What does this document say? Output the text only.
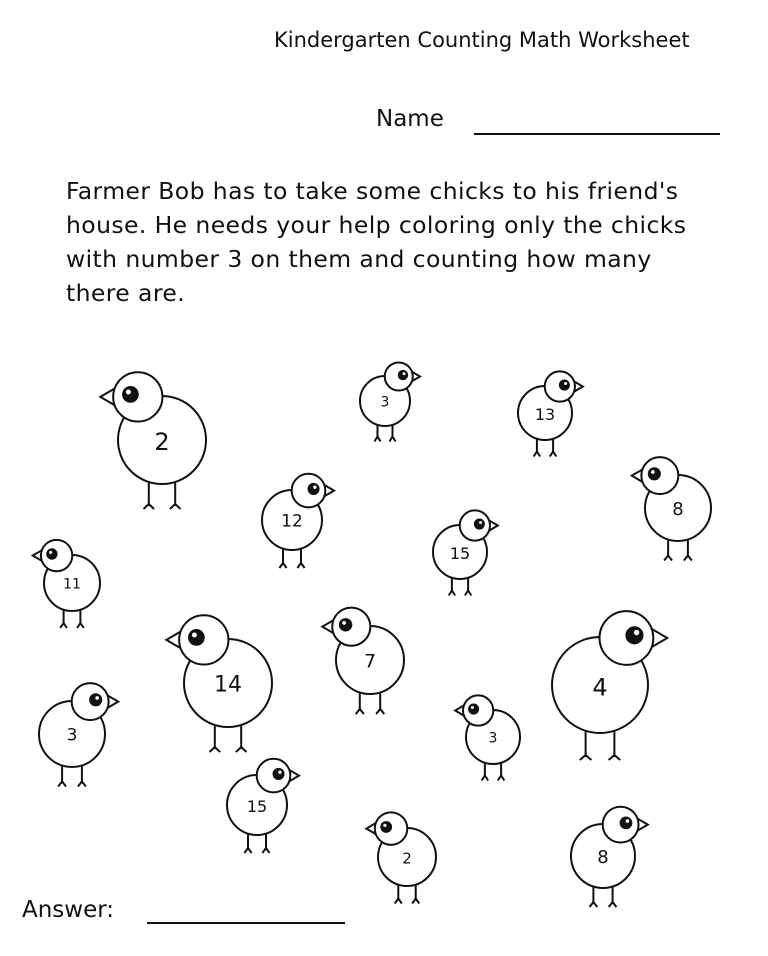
Kindergarten Counting Math Worksheet
Name
Farmer Bob has to take some chicks to his friend's house. He needs your help coloring only the chicks with number 3 on them and counting how many there are.
2
3
13
8
12
15
11
14
7
4
3	3
15
2	8
Answer:
